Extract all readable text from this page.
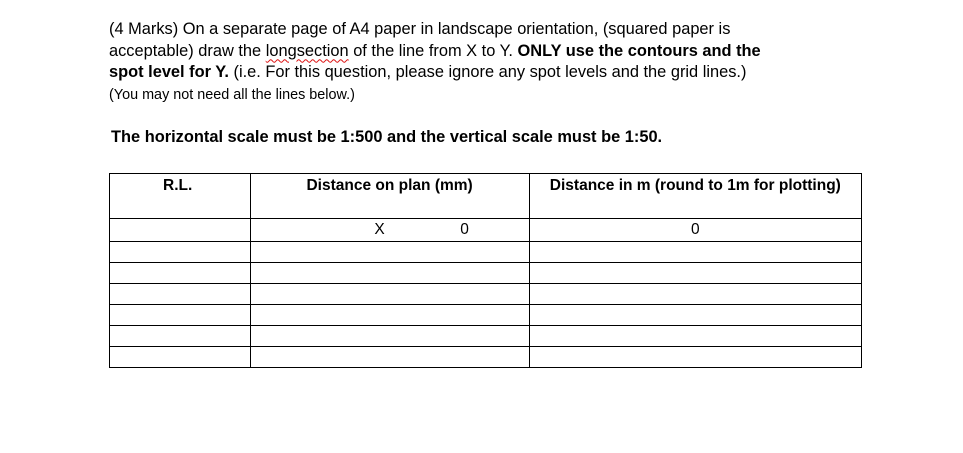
(4 Marks) On a separate page of A4 paper in landscape orientation, (squared paper is
acceptable) draw the longsection of the line from X to Y. ONLY use the contours and the
spot level for Y. (i.e. For this question, please ignore any spot levels and the grid lines.)
(You may not need all the lines below.)

The horizontal scale must be 1:500 and the vertical scale must be 1:50.

R.L.	Distance on plan (mm)	Distance in m (round to 1m for plotting)
	X 0	0
